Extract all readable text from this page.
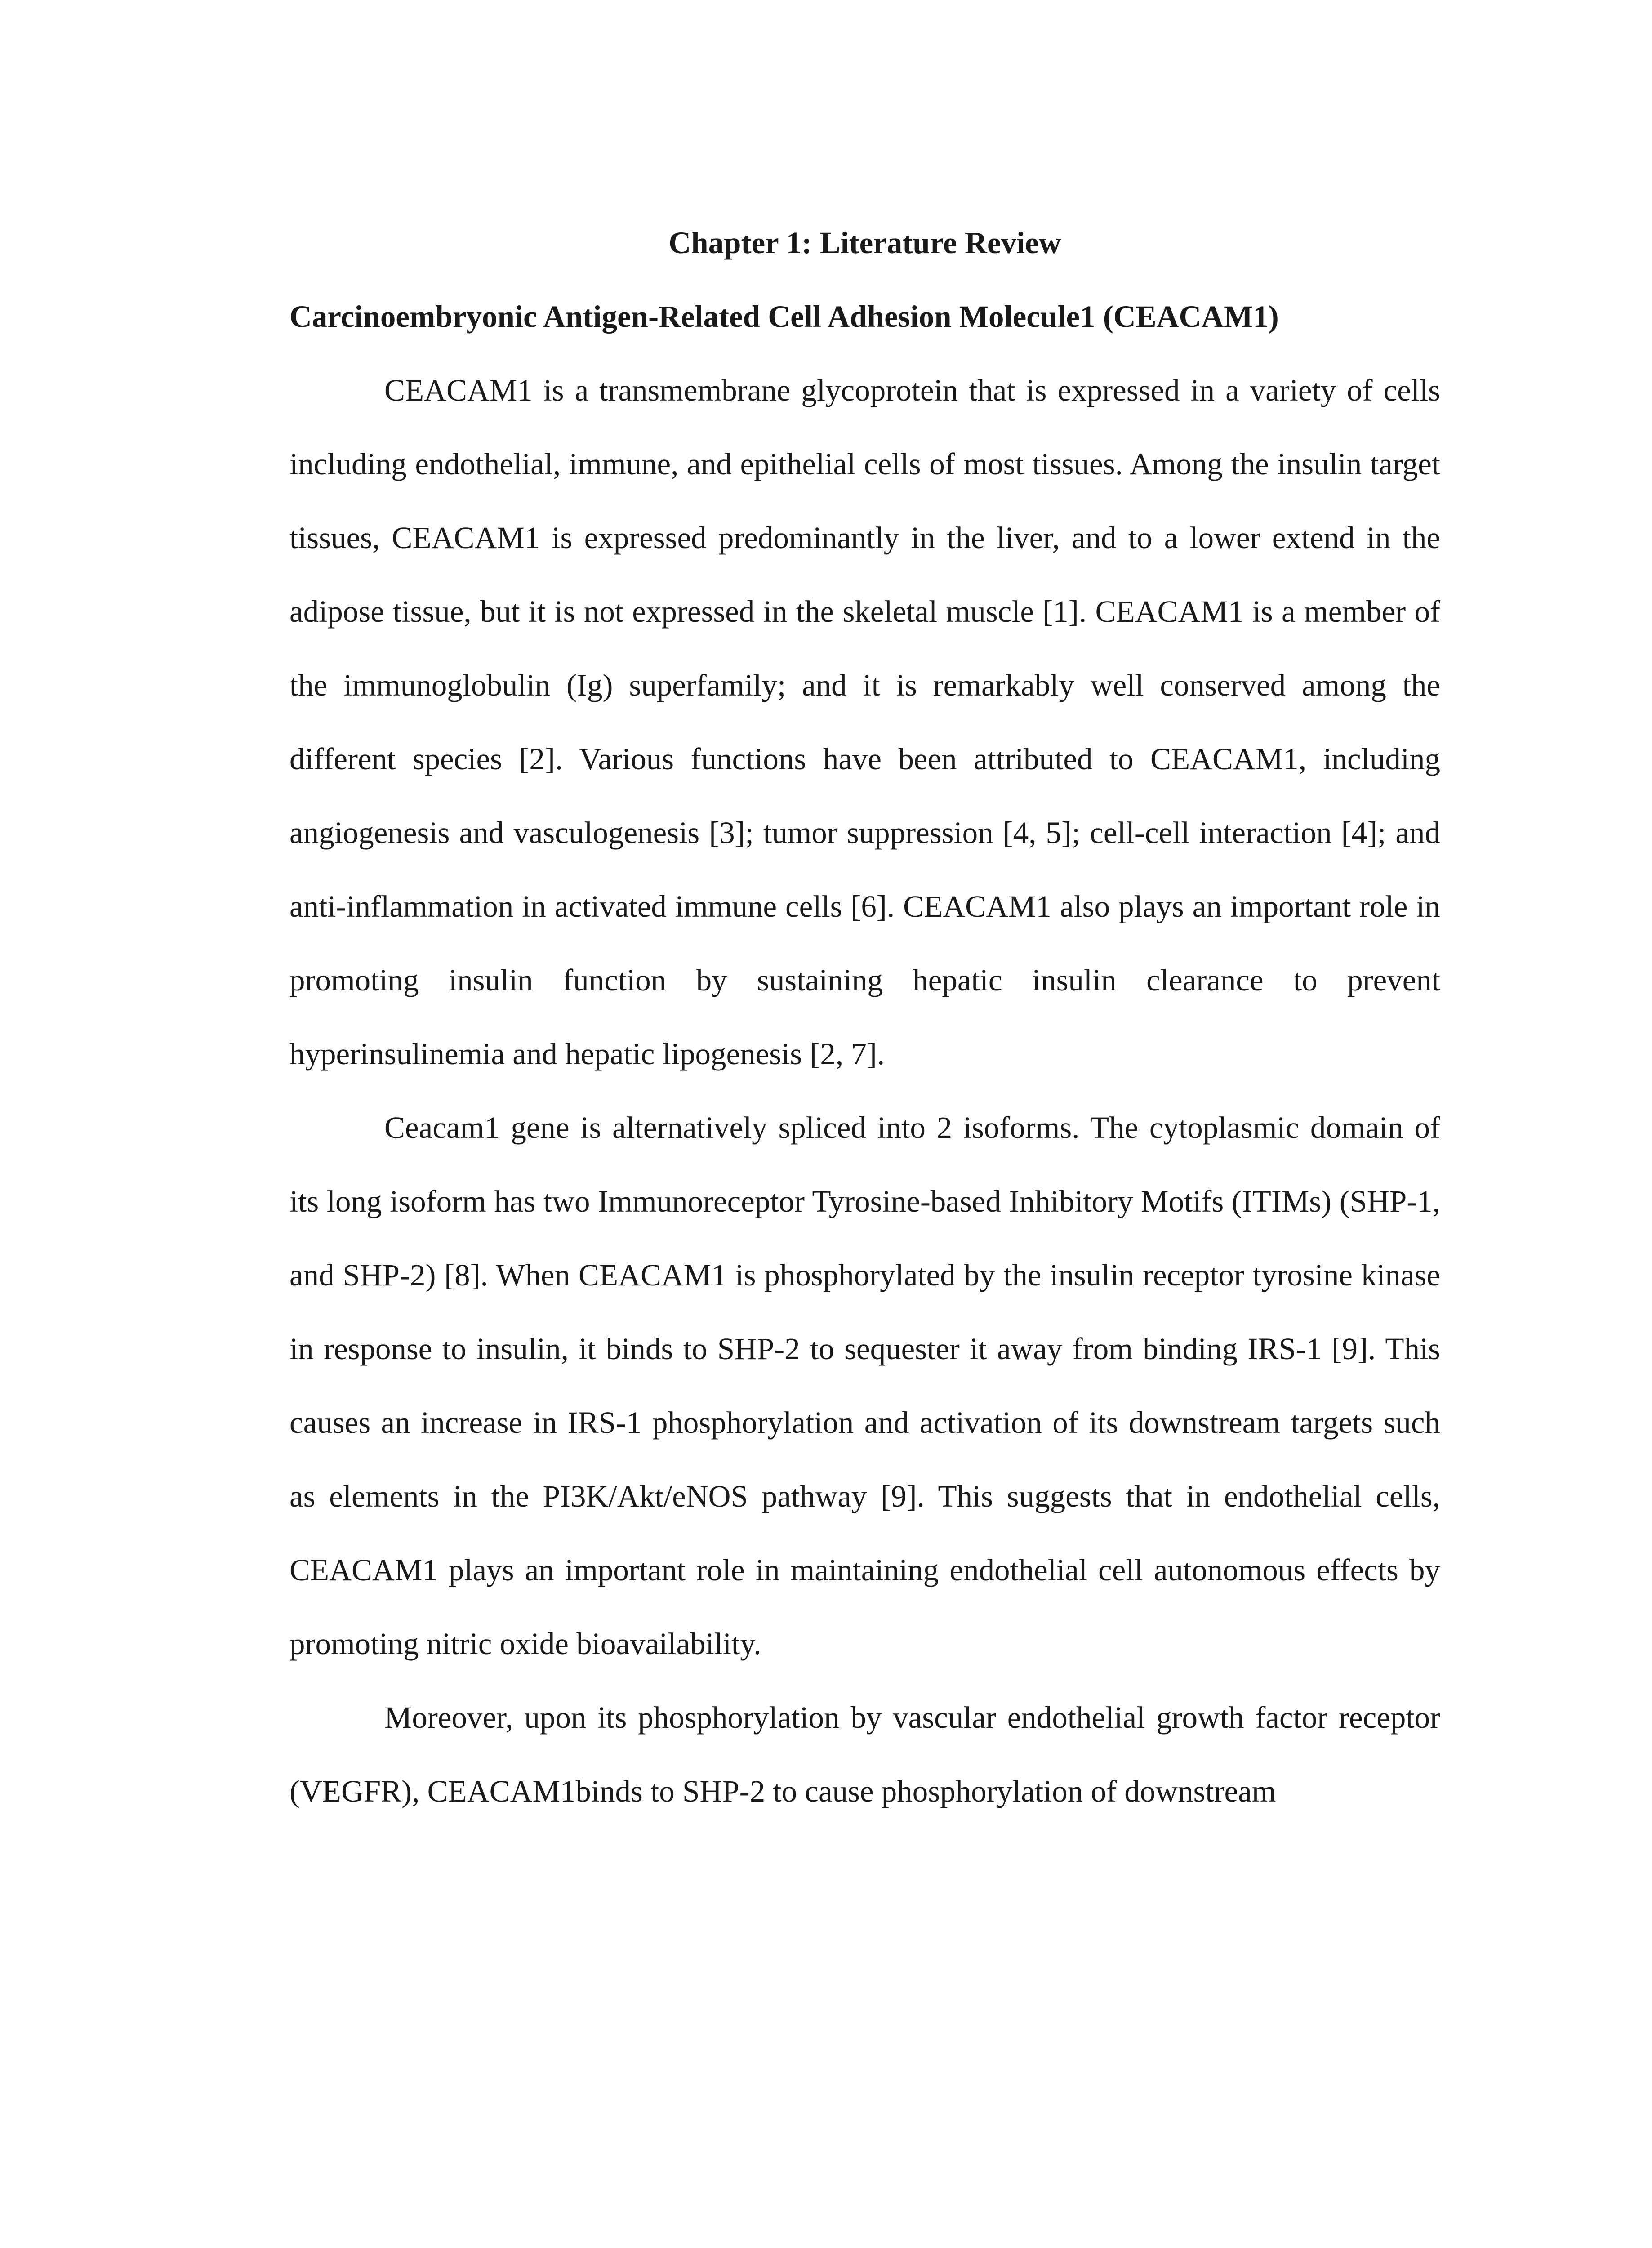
Chapter 1: Literature Review
Carcinoembryonic Antigen-Related Cell Adhesion Molecule1 (CEACAM1)

CEACAM1 is a transmembrane glycoprotein that is expressed in a variety of cells including endothelial, immune, and epithelial cells of most tissues. Among the insulin target tissues, CEACAM1 is expressed predominantly in the liver, and to a lower extend in the adipose tissue, but it is not expressed in the skeletal muscle [1]. CEACAM1 is a member of the immunoglobulin (Ig) superfamily; and it is remarkably well conserved among the different species [2]. Various functions have been attributed to CEACAM1, including angiogenesis and vasculogenesis [3]; tumor suppression [4, 5]; cell-cell interaction [4]; and anti-inflammation in activated immune cells [6]. CEACAM1 also plays an important role in promoting insulin function by sustaining hepatic insulin clearance to prevent hyperinsulinemia and hepatic lipogenesis [2, 7].

Ceacam1 gene is alternatively spliced into 2 isoforms. The cytoplasmic domain of its long isoform has two Immunoreceptor Tyrosine-based Inhibitory Motifs (ITIMs) (SHP-1, and SHP-2) [8]. When CEACAM1 is phosphorylated by the insulin receptor tyrosine kinase in response to insulin, it binds to SHP-2 to sequester it away from binding IRS-1 [9]. This causes an increase in IRS-1 phosphorylation and activation of its downstream targets such as elements in the PI3K/Akt/eNOS pathway [9]. This suggests that in endothelial cells, CEACAM1 plays an important role in maintaining endothelial cell autonomous effects by promoting nitric oxide bioavailability.

Moreover, upon its phosphorylation by vascular endothelial growth factor receptor (VEGFR), CEACAM1binds to SHP-2 to cause phosphorylation of downstream
